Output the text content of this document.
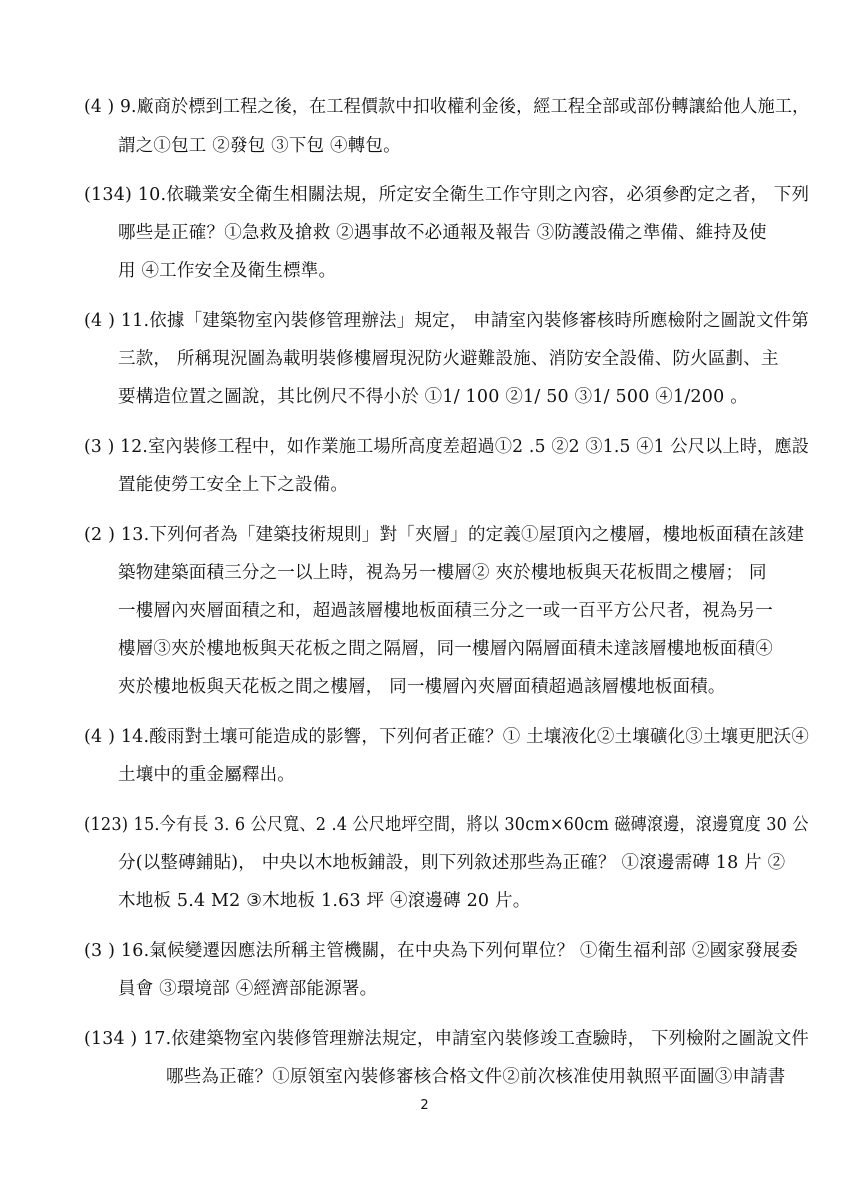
(4 ) 9.廠商於標到工程之後，在工程價款中扣收權利金後，經工程全部或部份轉讓給他人施工，
謂之①包工 ②發包 ③下包 ④轉包。
(134) 10.依職業安全衛生相關法規，所定安全衛生工作守則之內容，必須參酌定之者， 下列
哪些是正確？①急救及搶救 ②遇事故不必通報及報告 ③防護設備之準備、維持及使
用 ④工作安全及衛生標準。
(4 ) 11.依據「建築物室內裝修管理辦法」規定， 申請室內裝修審核時所應檢附之圖說文件第
三款， 所稱現況圖為載明裝修樓層現況防火避難設施、消防安全設備、防火區劃、主
要構造位置之圖說，其比例尺不得小於 ①1/ 100 ②1/ 50 ③1/ 500 ④1/200 。
(3 ) 12.室內裝修工程中，如作業施工場所高度差超過①2 .5 ②2 ③1.5 ④1 公尺以上時，應設
置能使勞工安全上下之設備。
(2 ) 13.下列何者為「建築技術規則」對「夾層」的定義①屋頂內之樓層，樓地板面積在該建
築物建築面積三分之一以上時，視為另一樓層② 夾於樓地板與天花板間之樓層； 同
一樓層內夾層面積之和，超過該層樓地板面積三分之一或一百平方公尺者，視為另一
樓層③夾於樓地板與天花板之間之隔層，同一樓層內隔層面積未達該層樓地板面積④
夾於樓地板與天花板之間之樓層， 同一樓層內夾層面積超過該層樓地板面積。
(4 ) 14.酸雨對土壤可能造成的影響，下列何者正確？① 土壤液化②土壤礦化③土壤更肥沃④
土壤中的重金屬釋出。
(123) 15.今有長 3. 6 公尺寬、2 .4 公尺地坪空間，將以 30cm×60cm 磁磚滾邊，滾邊寬度 30 公
分(以整磚鋪貼)， 中央以木地板鋪設，則下列敘述那些為正確？ ①滾邊需磚 18 片 ②
木地板 5.4 M2 ③木地板 1.63 坪 ④滾邊磚 20 片。
(3 ) 16.氣候變遷因應法所稱主管機關，在中央為下列何單位？ ①衛生福利部 ②國家發展委
員會 ③環境部 ④經濟部能源署。
(134 ) 17.依建築物室內裝修管理辦法規定，申請室內裝修竣工查驗時， 下列檢附之圖說文件
哪些為正確？①原領室內裝修審核合格文件②前次核准使用執照平面圖③申請書
2
